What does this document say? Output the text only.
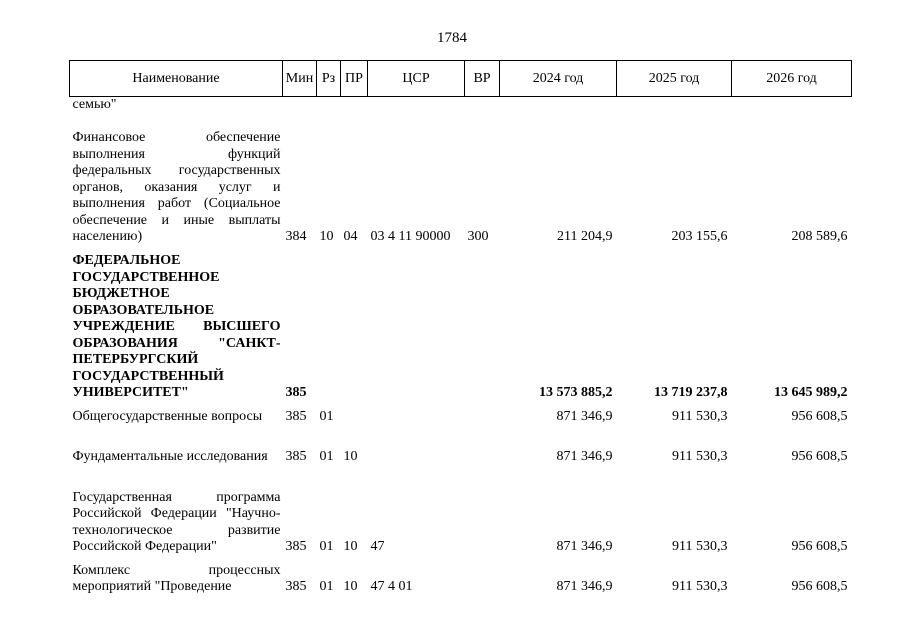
1784
Наименование	Мин	Рз	ПР	ЦСР	ВР	2024 год	2025 год	2026 год
семью"								
Финансовое обеспечение выполнения функций федеральных государственных органов, оказания услуг и выполнения работ (Социальное обеспечение и иные выплаты населению)	384	10	04	03 4 11 90000	300	211 204,9	203 155,6	208 589,6
ФЕДЕРАЛЬНОЕ ГОСУДАРСТВЕННОЕ БЮДЖЕТНОЕ ОБРАЗОВАТЕЛЬНОЕ УЧРЕЖДЕНИЕ ВЫСШЕГО ОБРАЗОВАНИЯ "САНКТ-ПЕТЕРБУРГСКИЙ ГОСУДАРСТВЕННЫЙ УНИВЕРСИТЕТ"	385					13 573 885,2	13 719 237,8	13 645 989,2
Общегосударственные вопросы	385	01				871 346,9	911 530,3	956 608,5
Фундаментальные исследования	385	01	10			871 346,9	911 530,3	956 608,5
Государственная программа Российской Федерации "Научно-технологическое развитие Российской Федерации"	385	01	10	47		871 346,9	911 530,3	956 608,5
Комплекс процессных мероприятий "Проведение	385	01	10	47 4 01		871 346,9	911 530,3	956 608,5
